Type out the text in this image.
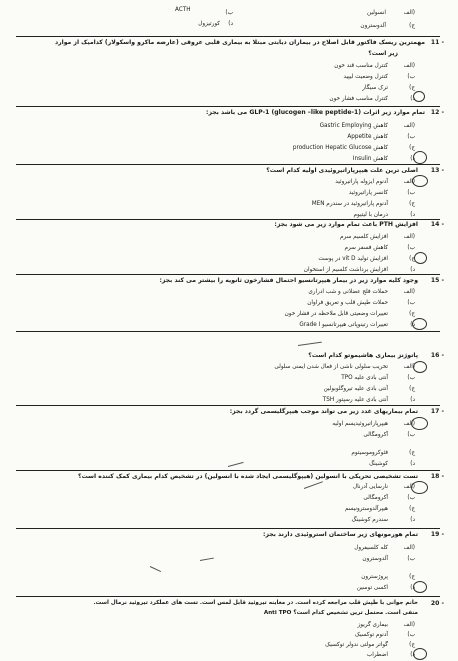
(الف
انسولین
ب)
ACTH
ج)
آلدوسترون
د)
کورتیزول
11 -
مهمترین ریسک فاکتور قابل اصلاح در بیماران دیابتی مبتلا به بیماری قلبی عروقی (عارضه ماکرو واسکولار) کدامیک از موارد
زیر است؟
(الف
کنترل مناسب قند خون
ب)
کنترل وضعیت لیپید
ج)
ترک سیگار
د)
کنترل مناسب فشار خون
12 -
تمام موارد زیر اثرات GLP-1 (glucogen –like peptide-1) می باشد بجز:
(الف
کاهش Gastric Employing
ب)
کاهش Appetite
ج)
کاهش production Hepatic Glucose
د)
کاهش Insulin
13 -
اصلی ترین علت هیپرپاراتیروئیدی اولیه کدام است؟
(الف
آدنوم ایزوله پاراتیروئید
ب)
کانسر پاراتیروئید
ج)
آدنوم پاراتیروئید در سندرم MEN
د)
درمان با لیتیوم
14 -
افزایش PTH باعث تمام موارد زیر می شود بجز:
(الف
افزایش کلسیم سرم
ب)
کاهش فسفر سرم
ج)
افزایش تولید vit D در پوست
د)
افزایش برداشت کلسیم از استخوان
15 -
وجود کلیه موارد زیر در بیمار هیپرتانسیو احتمال فشارخون ثانویه را بیشتر می کند بجز:
(الف
حملات فلج عضلانی و شب ادراری
ب)
حملات طپش قلب و تعریق فراوان
ج)
تغییرات وضعیتی قابل ملاحظه در فشار خون
د)
تغییرات رتینوپاتی هیپرتانسیو Grade I
16 -
پاتوژنز بیماری هاشیموتو کدام است؟
(الف
تخریب سلولی ناشی از فعال شدن ایمنی سلولی
ب)
آنتی بادی علیه TPO
ج)
آنتی بادی علیه تیروگلوبولین
د)
آنتی بادی علیه رسپتور TSH
17 -
تمام بیماریهای غدد زیر می تواند موجب هیپرگلیسمی گردد بجز:
(الف
هیپرپاراتیروئیدیسم اولیه
ب)
آکرومگالی
ج)
فئوکروموسیتوم
د)
کوشینگ
18 -
تست تشخیصی تحریکی با انسولین (هیپوگلیسمی ایجاد شده با انسولین) در تشخیص کدام بیماری کمک کننده است؟
(الف
نارسایی آدرنال
ب)
آکرومگالی
ج)
هیپرآلدوسترونیسم
د)
سندرم کوشینگ
19 -
تمام هورمونهای زیر ساختمان استروئیدی دارند بجز:
(الف
کله کلسیفرول
ب)
آلدوسترون
ج)
پروژسترون
د)
اکسی توسین
20 -
خانم جوانی با طپش قلب مراجعه کرده است. در معاینه تیروئید قابل لمس است. تست های عملکرد تیروئید نرمال است.
Anti TPO منفی است. محتمل ترین تشخیص کدام است؟
(الف
بیماری گریوز
ب)
آدنوم توکسیک
ج)
گواتر مولتی ندولر توکسیک
د)
اضطراب
